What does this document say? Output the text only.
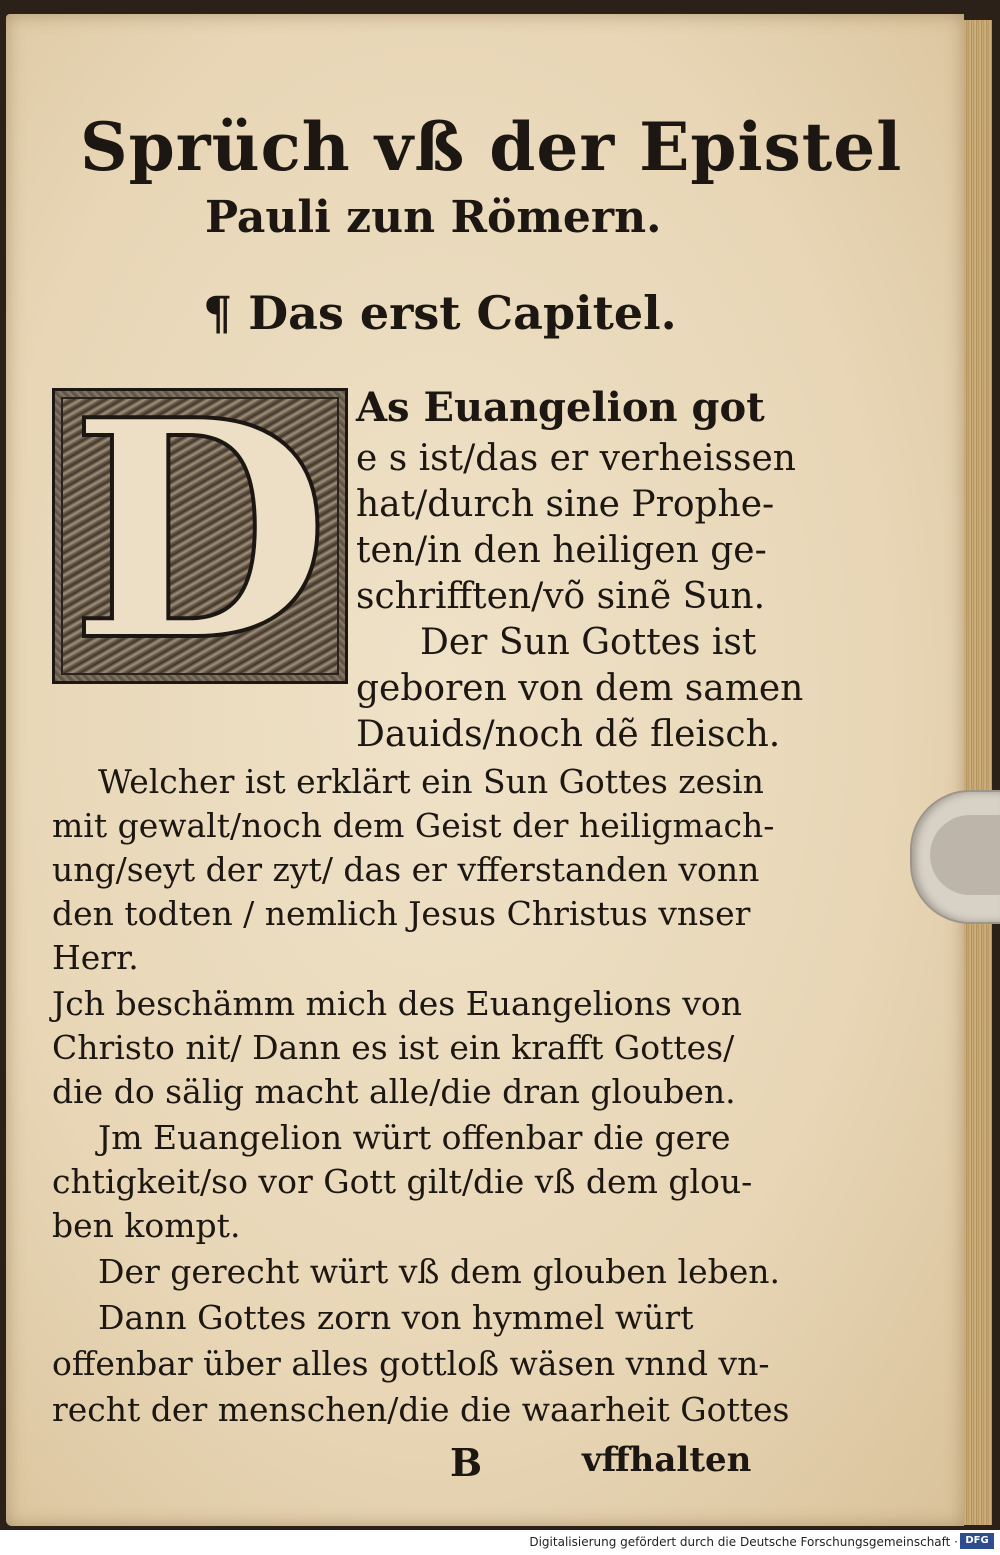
Sprüch vß der Epistel
Pauli zun Römern.
¶ Das erst Capitel.
D As Euangelion got
e s ist/das er verheissen
hat/durch sine Prophe-
ten/in den heiligen ge-
schrifften/võ sinẽ Sun.
Der Sun Gottes ist
geboren von dem samen
Dauids/noch dẽ fleisch.
Welcher ist erklärt ein Sun Gottes zesin
mit gewalt/noch dem Geist der heiligmach-
ung/seyt der zyt/ das er vfferstanden vonn
den todten / nemlich Jesus Christus vnser
Herr.
Jch beschämm mich des Euangelions von
Christo nit/ Dann es ist ein krafft Gottes/
die do sälig macht alle/die dran glouben.
Jm Euangelion würt offenbar die gere
chtigkeit/so vor Gott gilt/die vß dem glou-
ben kompt.
Der gerecht würt vß dem glouben leben.
Dann Gottes zorn von hymmel würt
offenbar über alles gottloß wäsen vnnd vn-
recht der menschen/die die waarheit Gottes
B	vffhalten
Digitalisierung gefördert durch die Deutsche Forschungsgemeinschaft · DFG
